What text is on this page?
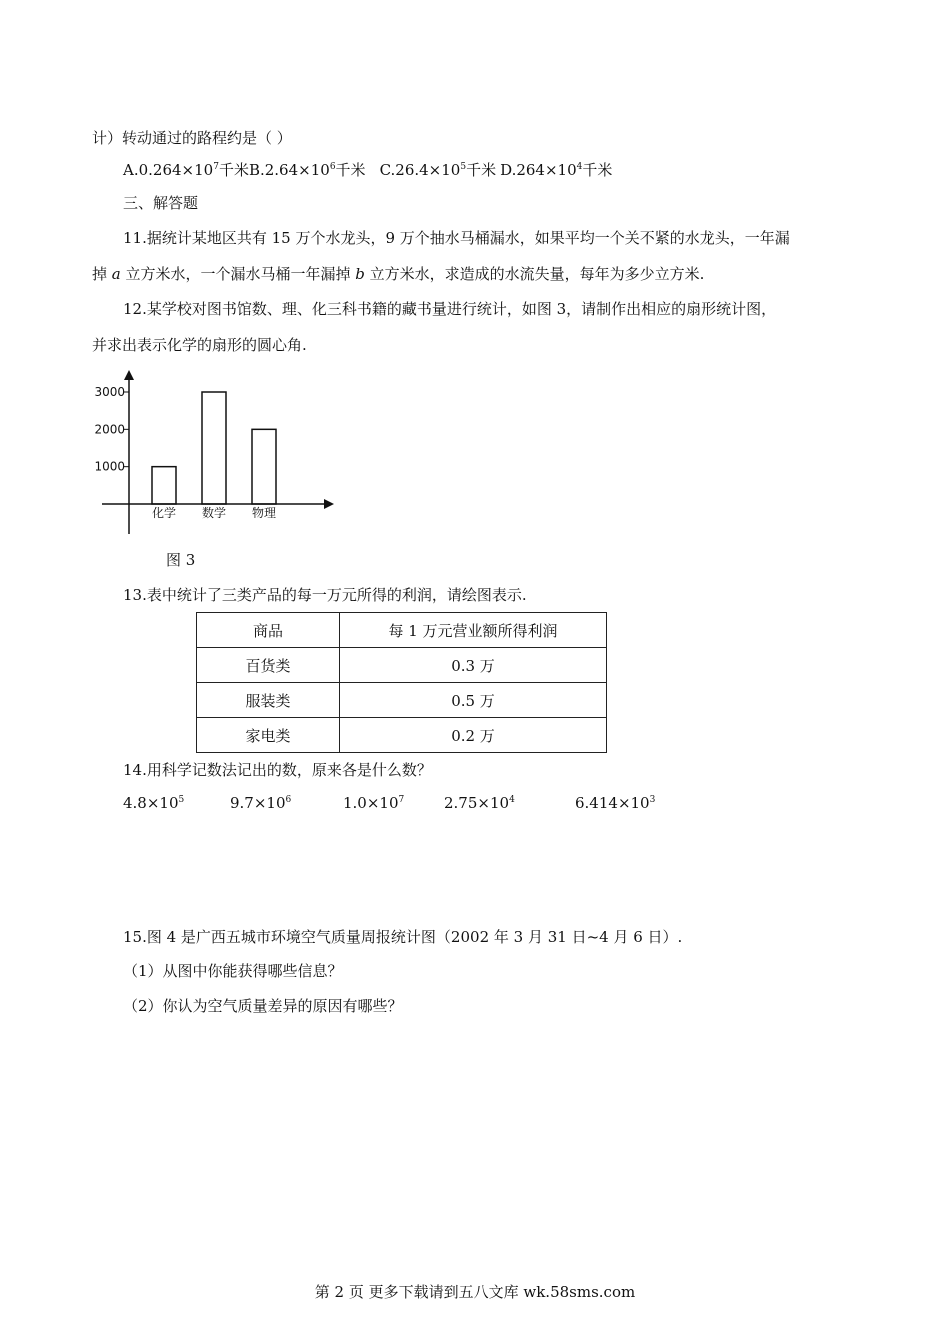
计）转动通过的路程约是（ ）
$A.0.264\times 10^7$千米$B.2.64\times 10^6$千米 $C.26.4\times 10^5$千米 $D.264\times 10^4$千米
三、解答题
11.据统计某地区共有 15 万个水龙头，9 万个抽水马桶漏水，如果平均一个关不紧的水龙头，一年漏
掉 a 立方米水，一个漏水马桶一年漏掉 b 立方米水，求造成的水流失量，每年为多少立方米.
12.某学校对图书馆数、理、化三科书籍的藏书量进行统计，如图 3，请制作出相应的扇形统计图，
并求出表示化学的扇形的圆心角.
化学 数学 物理
1000
2000
3000
图 3
13.表中统计了三类产品的每一万元所得的利润，请绘图表示.
商品	每 1 万元营业额所得利润
百货类	0.3 万
服装类	0.5 万
家电类	0.2 万
14.用科学记数法记出的数，原来各是什么数？
$4.8\times 10^5$	$9.7\times 10^6$	$1.0\times 10^7$	$2.75\times 10^4$	$6.414\times 10^3$
15.图 4 是广西五城市环境空气质量周报统计图（2002 年 3 月 31 日~4 月 6 日）.
（1）从图中你能获得哪些信息？
（2）你认为空气质量差异的原因有哪些？
第 2 页 更多下载请到五八文库 wk.58sms.com
